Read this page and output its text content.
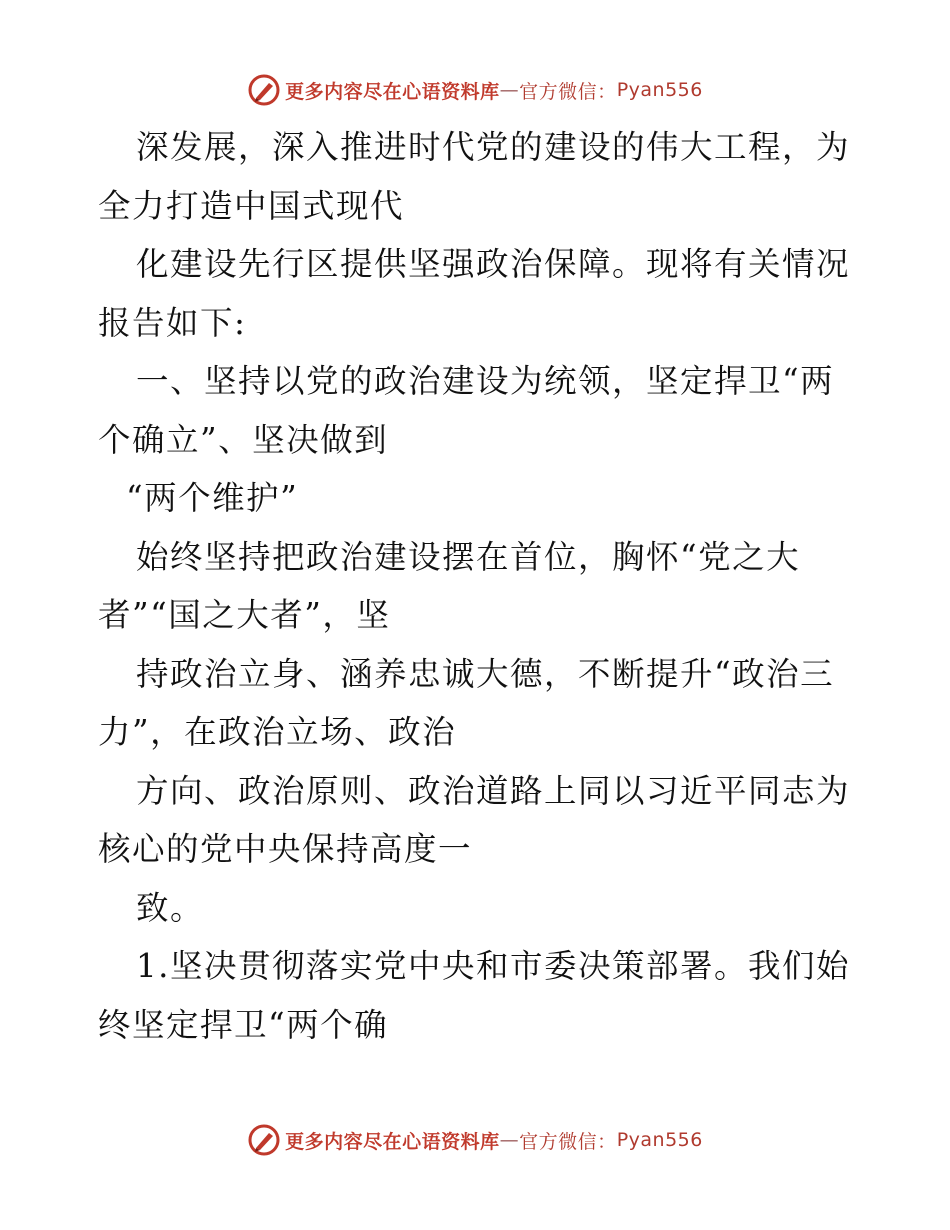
更多内容尽在心语资料库 — 官方微信： Pyan556
深发展，深入推进时代党的建设的伟大工程，为
全力打造中国式现代
化建设先行区提供坚强政治保障。现将有关情况
报告如下:
一、坚持以党的政治建设为统领，坚定捍卫“两
个确立”、坚决做到
“两个维护”
始终坚持把政治建设摆在首位，胸怀“党之大
者”“国之大者”，坚
持政治立身、涵养忠诚大德，不断提升“政治三
力”，在政治立场、政治
方向、政治原则、政治道路上同以习近平同志为
核心的党中央保持高度一
致。
1.坚决贯彻落实党中央和市委决策部署。我们始
终坚定捍卫“两个确
更多内容尽在心语资料库 — 官方微信： Pyan556
